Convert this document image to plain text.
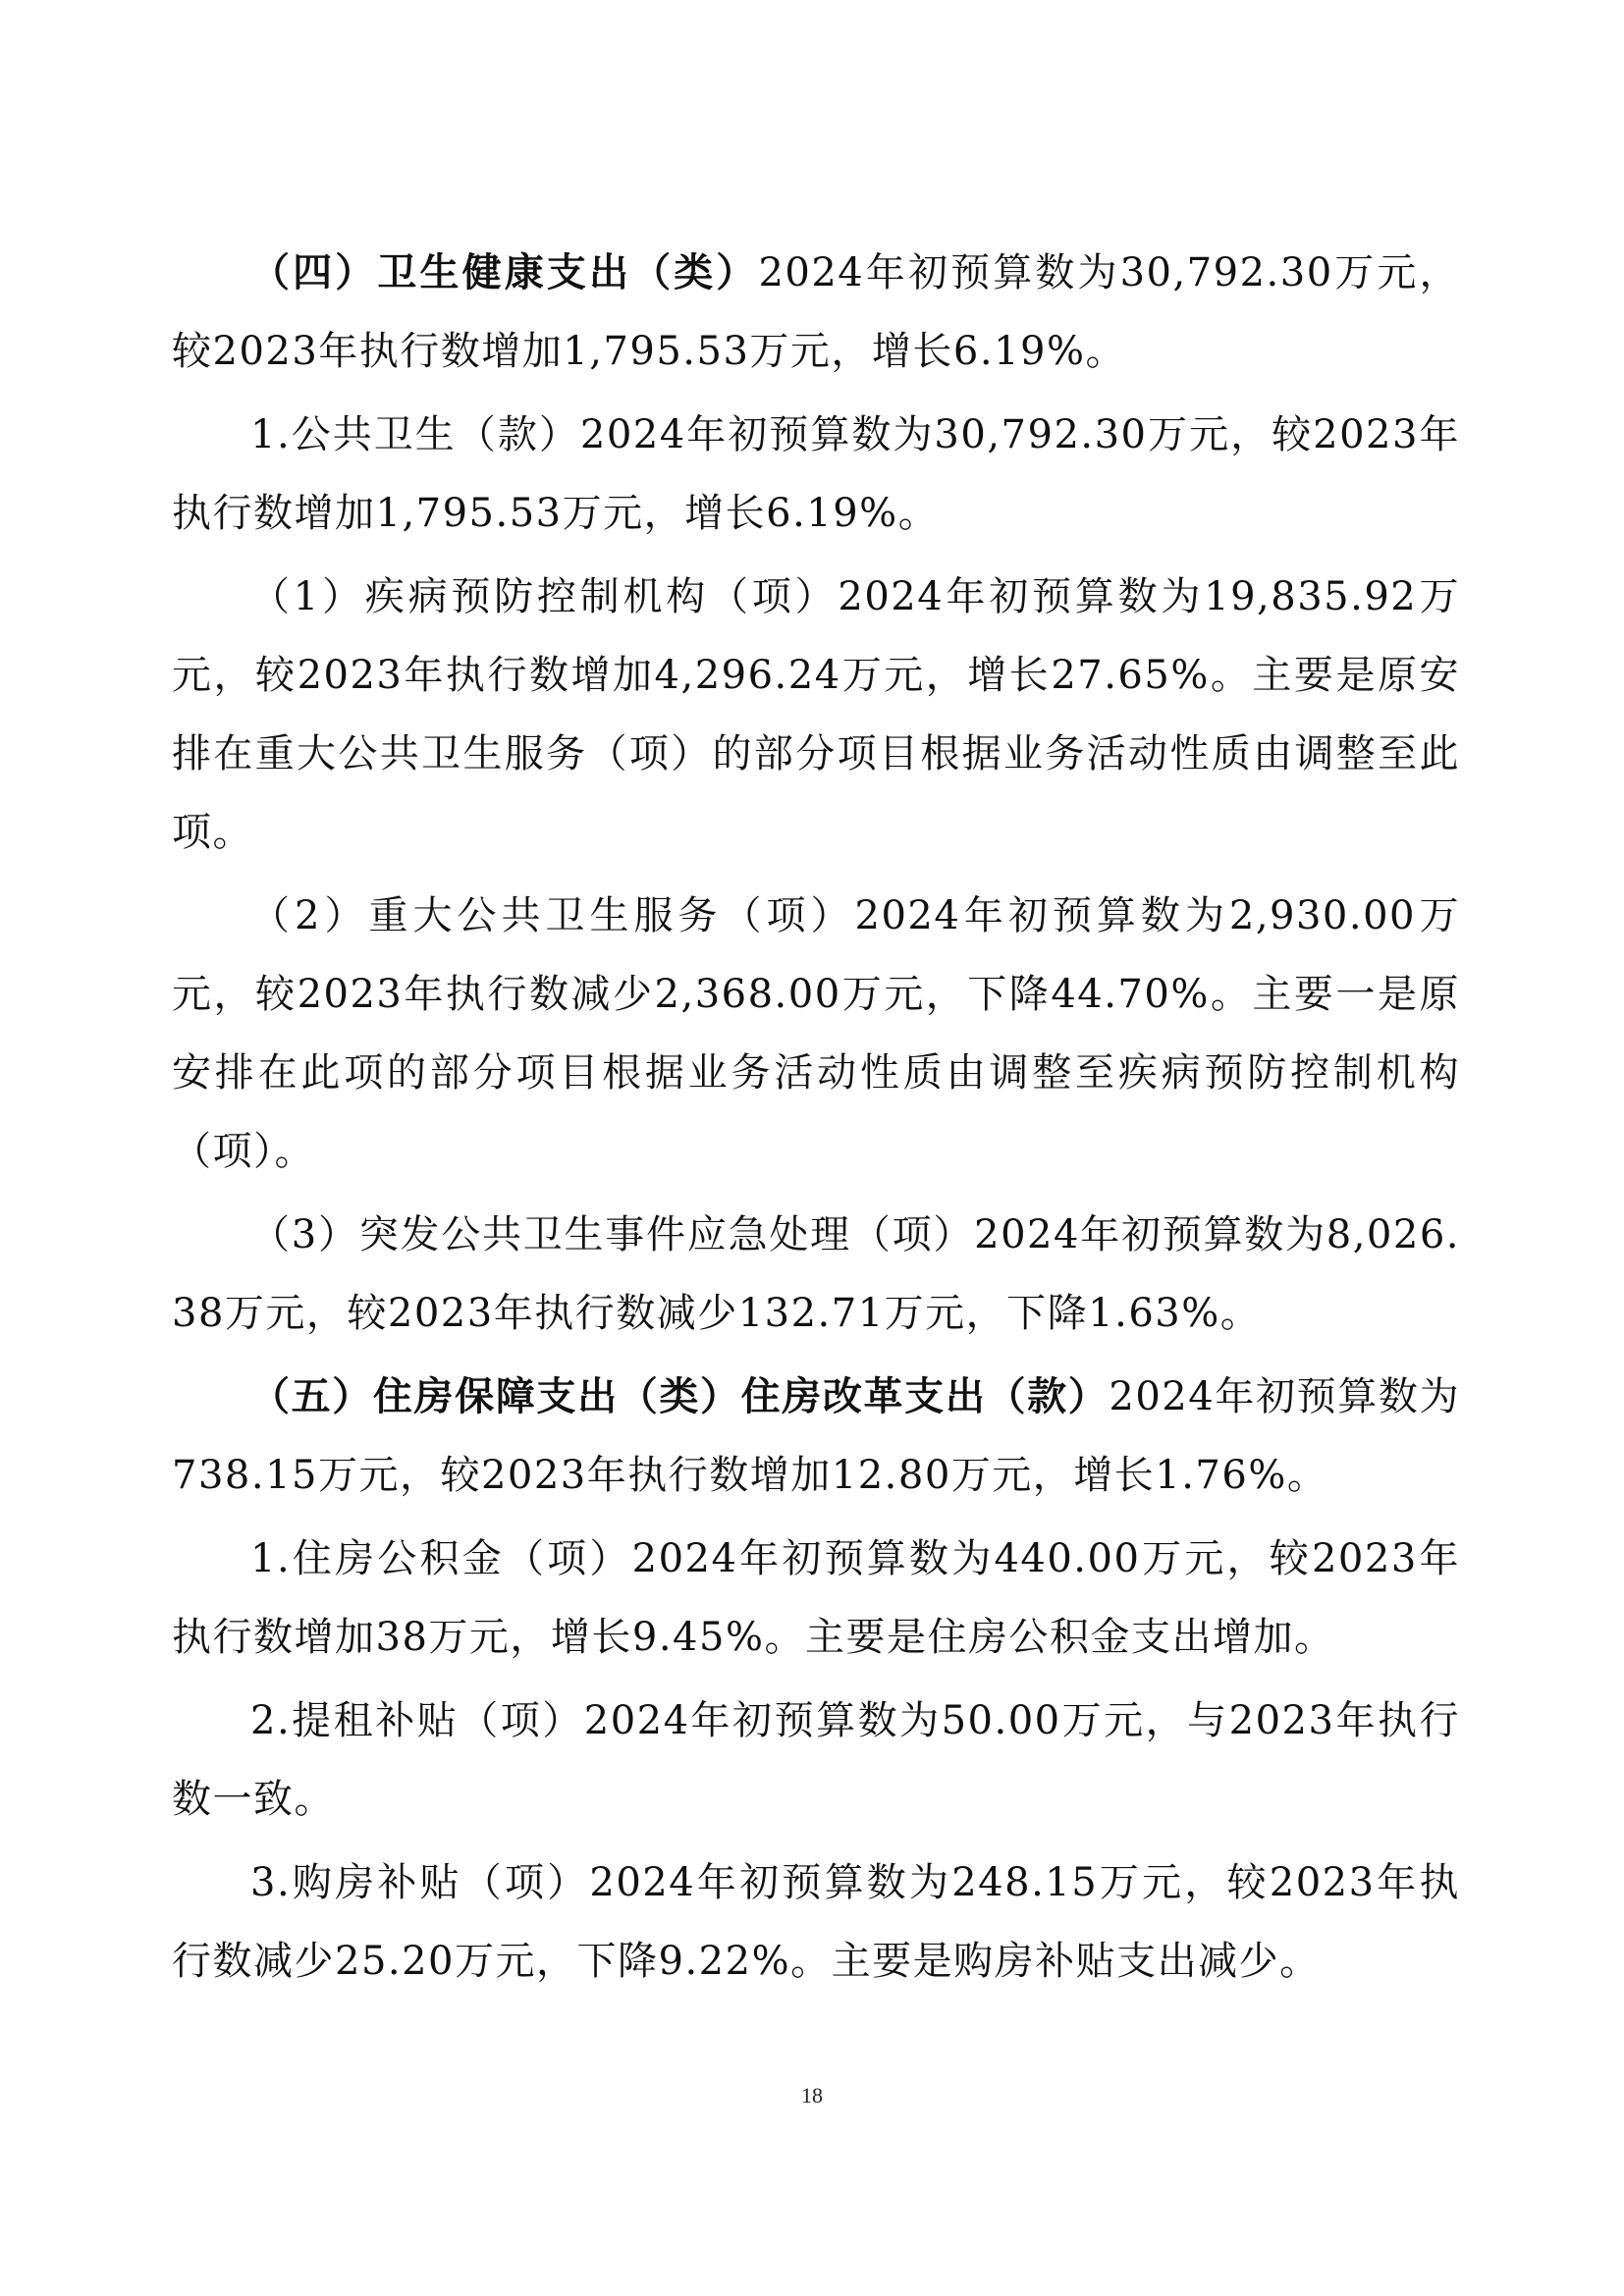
（四）卫生健康支出（类）2024年初预算数为30,792.30万元，较2023年执行数增加1,795.53万元，增长6.19%。

1.公共卫生（款）2024年初预算数为30,792.30万元，较2023年执行数增加1,795.53万元，增长6.19%。

（1）疾病预防控制机构（项）2024年初预算数为19,835.92万元，较2023年执行数增加4,296.24万元，增长27.65%。主要是原安排在重大公共卫生服务（项）的部分项目根据业务活动性质由调整至此项。

（2）重大公共卫生服务（项）2024年初预算数为2,930.00万元，较2023年执行数减少2,368.00万元，下降44.70%。主要一是原安排在此项的部分项目根据业务活动性质由调整至疾病预防控制机构（项）。

（3）突发公共卫生事件应急处理（项）2024年初预算数为8,026.38万元，较2023年执行数减少132.71万元，下降1.63%。

（五）住房保障支出（类）住房改革支出（款）2024年初预算数为738.15万元，较2023年执行数增加12.80万元，增长1.76%。

1.住房公积金（项）2024年初预算数为440.00万元，较2023年执行数增加38万元，增长9.45%。主要是住房公积金支出增加。

2.提租补贴（项）2024年初预算数为50.00万元，与2023年执行数一致。

3.购房补贴（项）2024年初预算数为248.15万元，较2023年执行数减少25.20万元，下降9.22%。主要是购房补贴支出减少。

18
